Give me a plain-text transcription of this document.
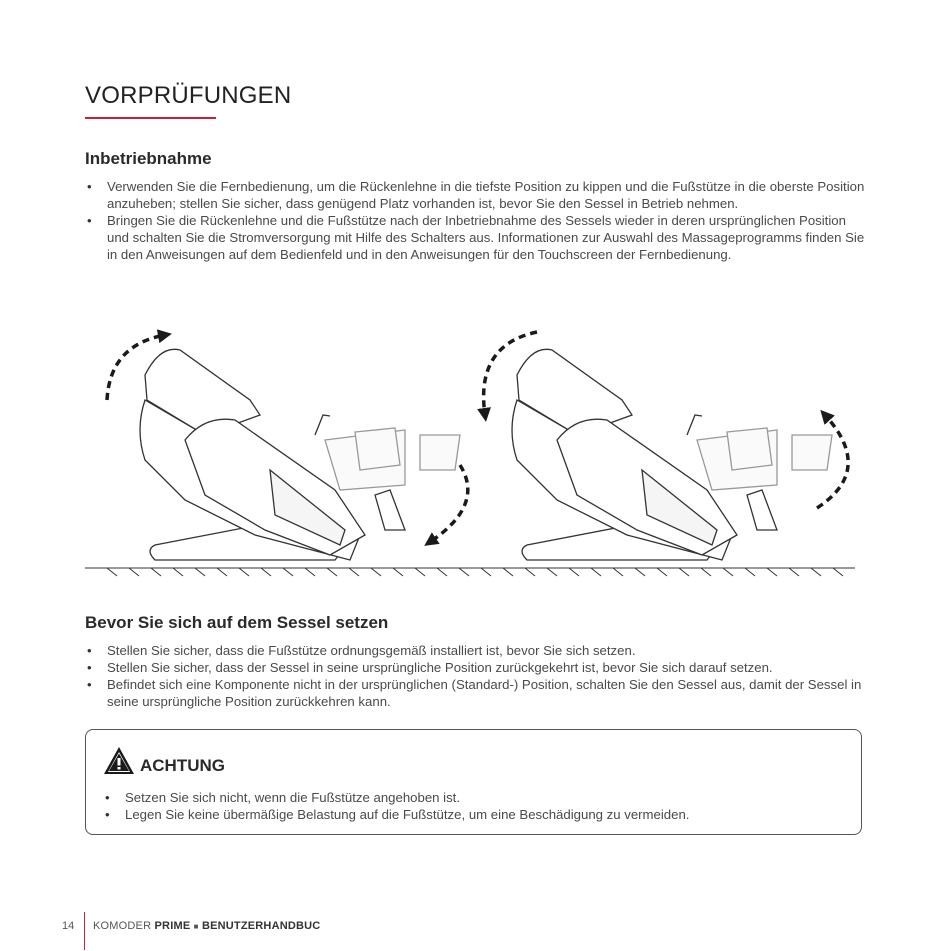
VORPRÜFUNGEN
Inbetriebnahme
• Verwenden Sie die Fernbedienung, um die Rückenlehne in die tiefste Position zu kippen und die Fußstütze in die oberste Position anzuheben; stellen Sie sicher, dass genügend Platz vorhanden ist, bevor Sie den Sessel in Betrieb nehmen.
• Bringen Sie die Rückenlehne und die Fußstütze nach der Inbetriebnahme des Sessels wieder in deren ursprünglichen Position und schalten Sie die Stromversorgung mit Hilfe des Schalters aus. Informationen zur Auswahl des Massageprogramms finden Sie in den Anweisungen auf dem Bedienfeld und in den Anweisungen für den Touchscreen der Fernbedienung.
Bevor Sie sich auf dem Sessel setzen
• Stellen Sie sicher, dass die Fußstütze ordnungsgemäß installiert ist, bevor Sie sich setzen.
• Stellen Sie sicher, dass der Sessel in seine ursprüngliche Position zurückgekehrt ist, bevor Sie sich darauf setzen.
• Befindet sich eine Komponente nicht in der ursprünglichen (Standard-) Position, schalten Sie den Sessel aus, damit der Sessel in seine ursprüngliche Position zurückkehren kann.
ACHTUNG
• Setzen Sie sich nicht, wenn die Fußstütze angehoben ist.
• Legen Sie keine übermäßige Belastung auf die Fußstütze, um eine Beschädigung zu vermeiden.
14 KOMODER PRIME ■ BENUTZERHANDBUC
